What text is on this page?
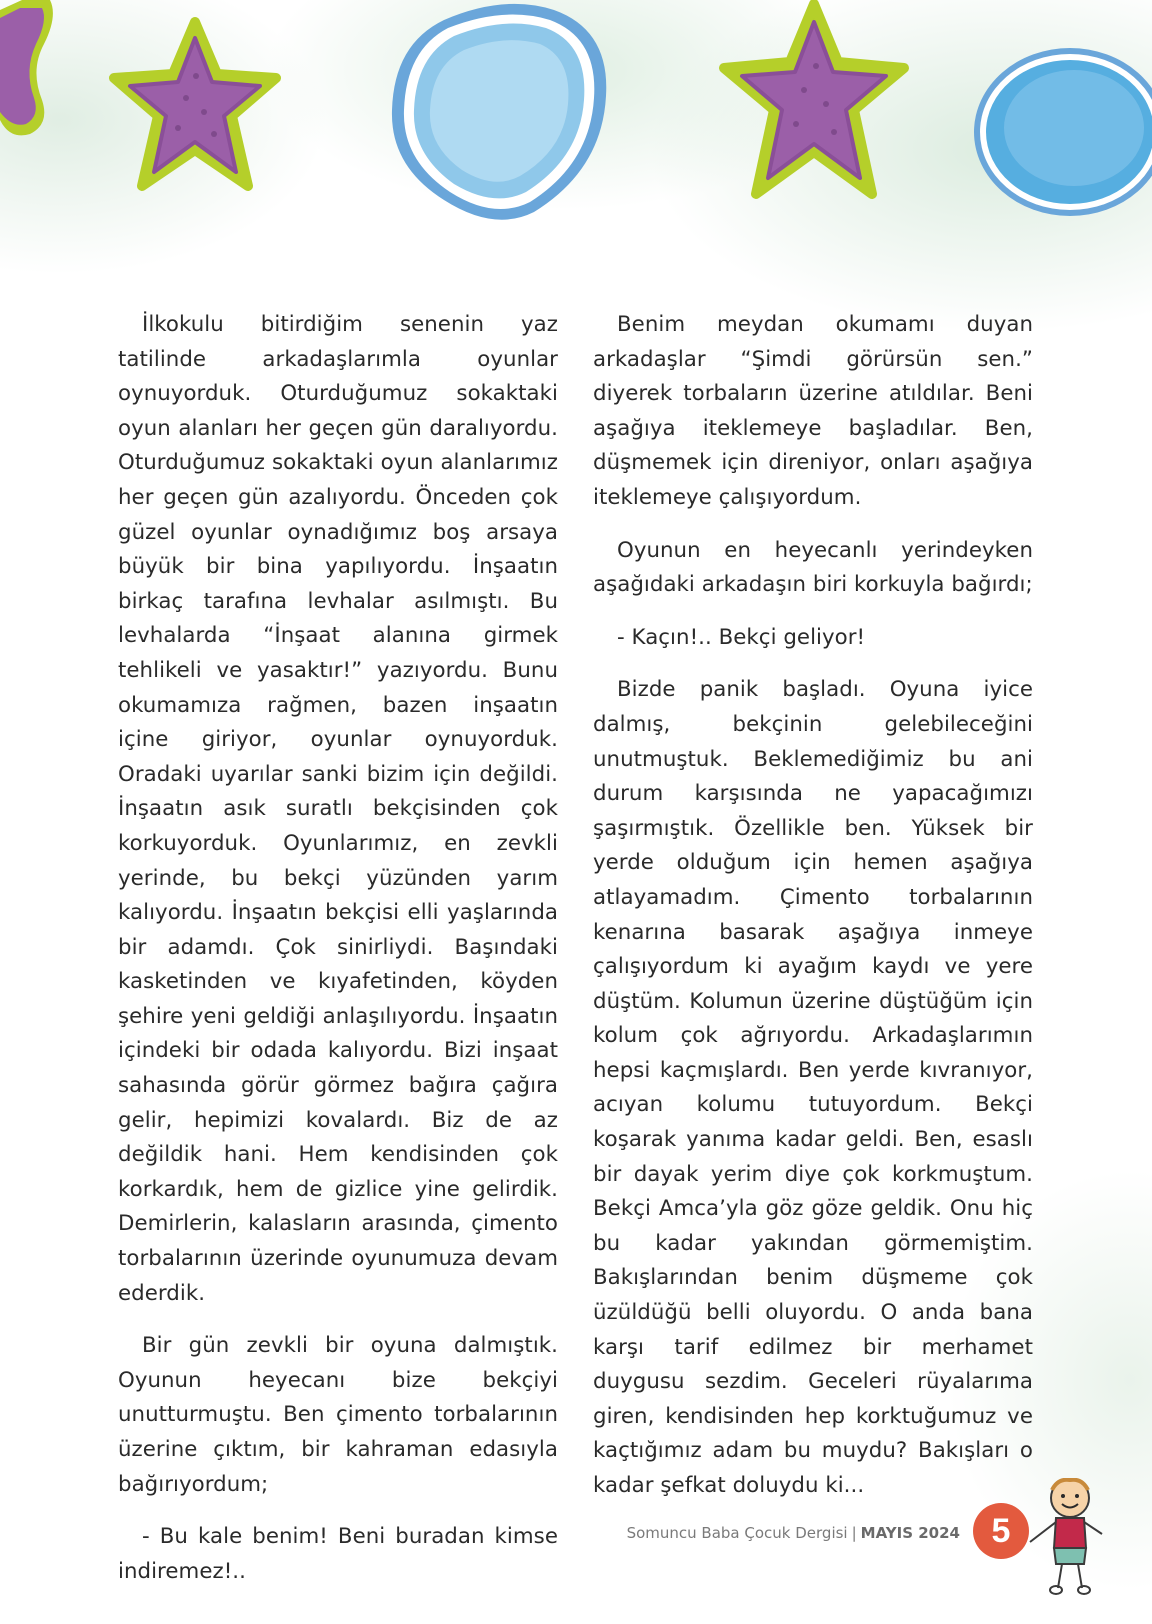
İlkokulu bitirdiğim senenin yaz tatilinde arkadaşlarımla oyunlar oynuyorduk. Oturduğumuz sokaktaki oyun alanları her geçen gün daralıyordu. Oturduğumuz sokaktaki oyun alanlarımız her geçen gün azalıyordu. Önceden çok güzel oyunlar oynadığımız boş arsaya büyük bir bina yapılıyordu. İnşaatın birkaç tarafına levhalar asılmıştı. Bu levhalarda “İnşaat alanına girmek tehlikeli ve yasaktır!” yazıyordu. Bunu okumamıza rağmen, bazen inşaatın içine giriyor, oyunlar oynuyorduk. Oradaki uyarılar sanki bizim için değildi. İnşaatın asık suratlı bekçisinden çok korkuyorduk. Oyunlarımız, en zevkli yerinde, bu bekçi yüzünden yarım kalıyordu. İnşaatın bekçisi elli yaşlarında bir adamdı. Çok sinirliydi. Başındaki kasketinden ve kıyafetinden, köyden şehire yeni geldiği anlaşılıyordu. İnşaatın içindeki bir odada kalıyordu. Bizi inşaat sahasında görür görmez bağıra çağıra gelir, hepimizi kovalardı. Biz de az değildik hani. Hem kendisinden çok korkardık, hem de gizlice yine gelirdik. Demirlerin, kalasların arasında, çimento torbalarının üzerinde oyunumuza devam ederdik.

Bir gün zevkli bir oyuna dalmıştık. Oyunun heyecanı bize bekçiyi unutturmuştu. Ben çimento torbalarının üzerine çıktım, bir kahraman edasıyla bağırıyordum;

- Bu kale benim! Beni buradan kimse indiremez!..

Benim meydan okumamı duyan arkadaşlar “Şimdi görürsün sen.” diyerek torbaların üzerine atıldılar. Beni aşağıya iteklemeye başladılar. Ben, düşmemek için direniyor, onları aşağıya iteklemeye çalışıyordum.

Oyunun en heyecanlı yerindeyken aşağıdaki arkadaşın biri korkuyla bağırdı;

- Kaçın!.. Bekçi geliyor!

Bizde panik başladı. Oyuna iyice dalmış, bekçinin gelebileceğini unutmuştuk. Beklemediğimiz bu ani durum karşısında ne yapacağımızı şaşırmıştık. Özellikle ben. Yüksek bir yerde olduğum için hemen aşağıya atlayamadım. Çimento torbalarının kenarına basarak aşağıya inmeye çalışıyordum ki ayağım kaydı ve yere düştüm. Kolumun üzerine düştüğüm için kolum çok ağrıyordu. Arkadaşlarımın hepsi kaçmışlardı. Ben yerde kıvranıyor, acıyan kolumu tutuyordum. Bekçi koşarak yanıma kadar geldi. Ben, esaslı bir dayak yerim diye çok korkmuştum. Bekçi Amca’yla göz göze geldik. Onu hiç bu kadar yakından görmemiştim. Bakışlarından benim düşmeme çok üzüldüğü belli oluyordu. O anda bana karşı tarif edilmez bir merhamet duygusu sezdim. Geceleri rüyalarıma giren, kendisinden hep korktuğumuz ve kaçtığımız adam bu muydu? Bakışları o kadar şefkat doluydu ki...

Somuncu Baba Çocuk Dergisi | MAYIS 2024 5
